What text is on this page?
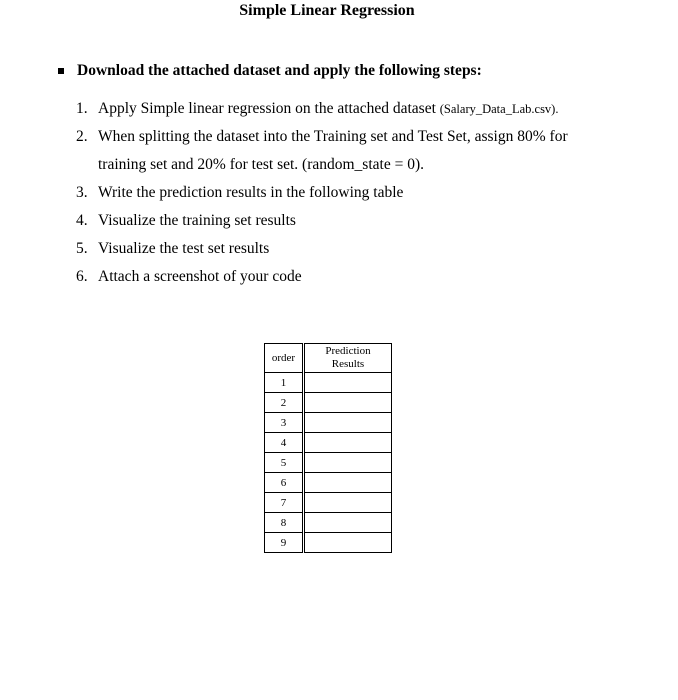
Simple Linear Regression
Download the attached dataset and apply the following steps:
1. Apply Simple linear regression on the attached dataset (Salary_Data_Lab.csv).
2. When splitting the dataset into the Training set and Test Set, assign 80% for
training set and 20% for test set. (random_state = 0).
3. Write the prediction results in the following table
4. Visualize the training set results
5. Visualize the test set results
6. Attach a screenshot of your code
order	Prediction
Results
1	
2	
3	
4	
5	
6	
7	
8	
9	
